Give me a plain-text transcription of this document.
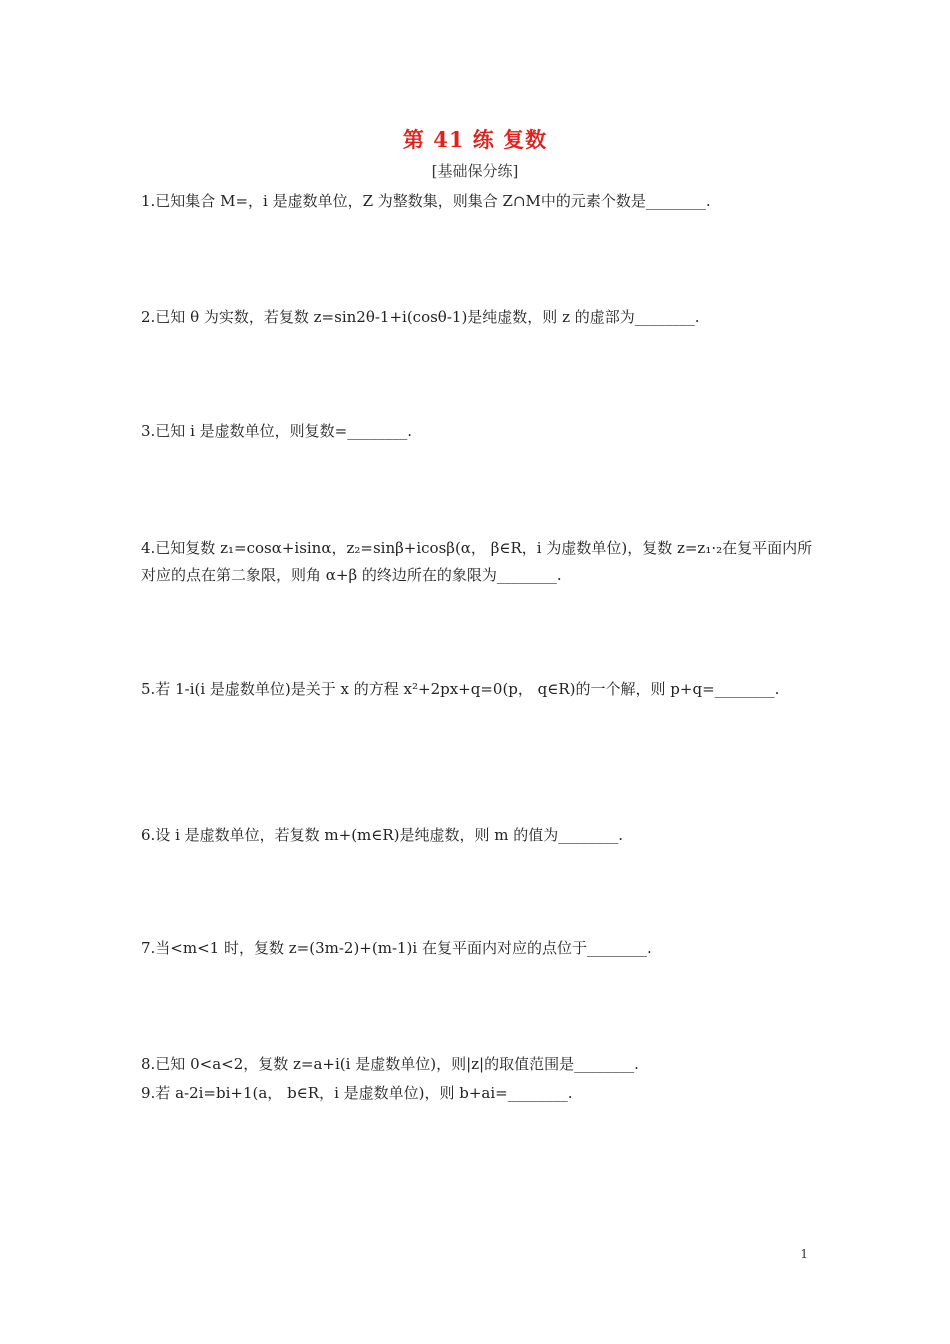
第 41 练 复数
[基础保分练]
1.已知集合 M=，i 是虚数单位，Z 为整数集，则集合 Z∩M中的元素个数是________.
2.已知 θ 为实数，若复数 z=sin2θ-1+i(cosθ-1)是纯虚数，则 z 的虚部为________.
3.已知 i 是虚数单位，则复数=________.
4.已知复数 z₁=cosα+isinα，z₂=sinβ+icosβ(α， β∈R，i 为虚数单位)，复数 z=z₁·₂在复平面内所对应的点在第二象限，则角 α+β 的终边所在的象限为________.
5.若 1-i(i 是虚数单位)是关于 x 的方程 x²+2px+q=0(p， q∈R)的一个解，则 p+q=________.
6.设 i 是虚数单位，若复数 m+(m∈R)是纯虚数，则 m 的值为________.
7.当<m<1 时，复数 z=(3m-2)+(m-1)i 在复平面内对应的点位于________.
8.已知 0<a<2，复数 z=a+i(i 是虚数单位)，则|z|的取值范围是________.
9.若 a-2i=bi+1(a， b∈R，i 是虚数单位)，则 b+ai=________.
1
